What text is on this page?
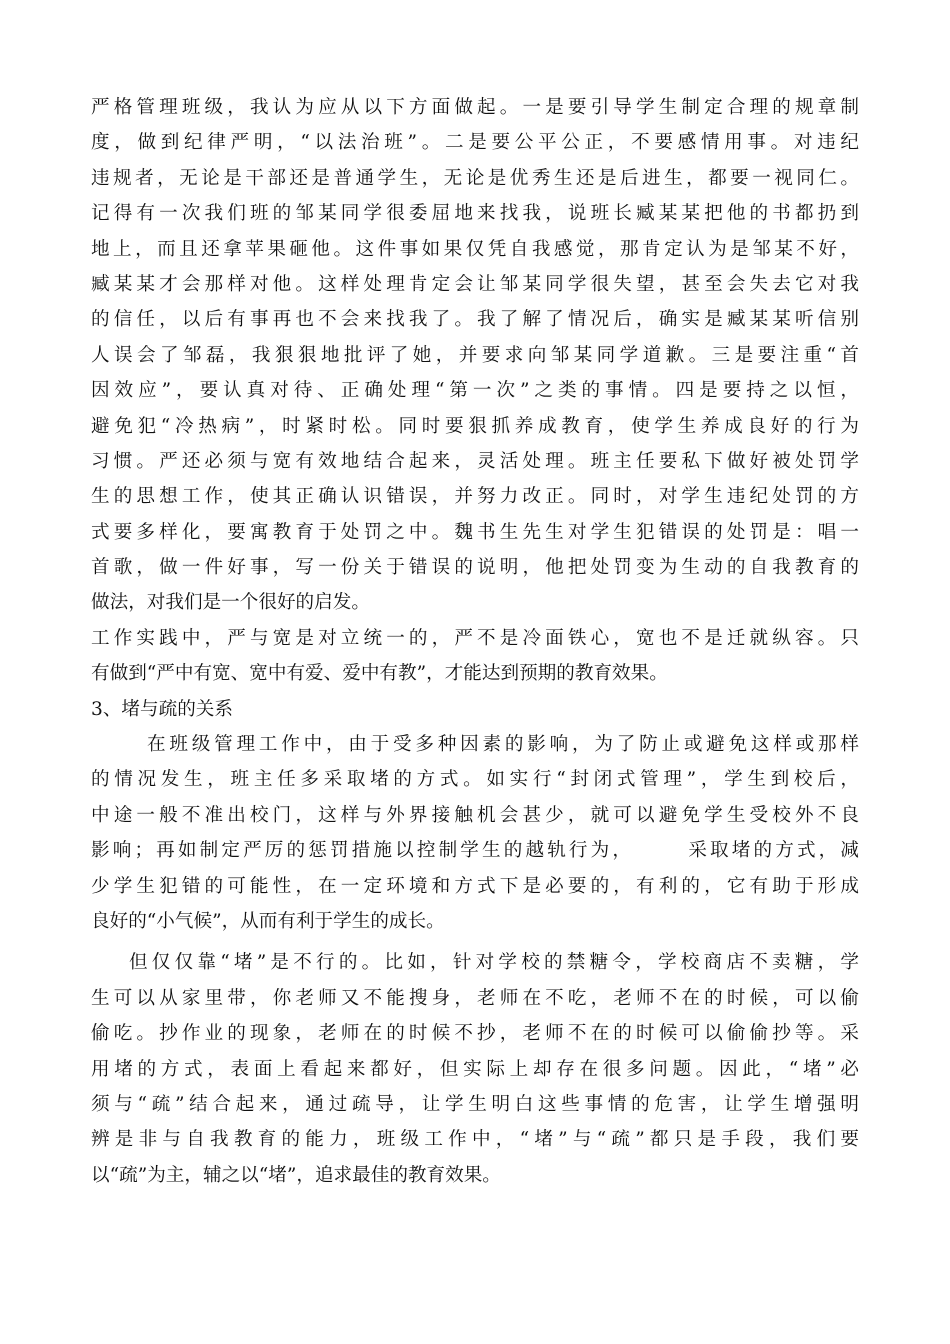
严格管理班级，我认为应从以下方面做起。一是要引导学生制定合理的规章制
度，做到纪律严明，“以法治班”。二是要公平公正，不要感情用事。对违纪
违规者，无论是干部还是普通学生，无论是优秀生还是后进生，都要一视同仁。
记得有一次我们班的邹某同学很委屈地来找我，说班长臧某某把他的书都扔到
地上，而且还拿苹果砸他。这件事如果仅凭自我感觉，那肯定认为是邹某不好，
臧某某才会那样对他。这样处理肯定会让邹某同学很失望，甚至会失去它对我
的信任，以后有事再也不会来找我了。我了解了情况后，确实是臧某某听信别
人误会了邹磊，我狠狠地批评了她，并要求向邹某同学道歉。三是要注重“首
因效应”，要认真对待、正确处理“第一次”之类的事情。四是要持之以恒，
避免犯“冷热病”，时紧时松。同时要狠抓养成教育，使学生养成良好的行为
习惯。严还必须与宽有效地结合起来，灵活处理。班主任要私下做好被处罚学
生的思想工作，使其正确认识错误，并努力改正。同时，对学生违纪处罚的方
式要多样化，要寓教育于处罚之中。魏书生先生对学生犯错误的处罚是：唱一
首歌，做一件好事，写一份关于错误的说明，他把处罚变为生动的自我教育的
做法，对我们是一个很好的启发。
工作实践中，严与宽是对立统一的，严不是冷面铁心，宽也不是迁就纵容。只
有做到“严中有宽、宽中有爱、爱中有教”，才能达到预期的教育效果。
3、堵与疏的关系
在班级管理工作中，由于受多种因素的影响，为了防止或避免这样或那样
的情况发生，班主任多采取堵的方式。如实行“封闭式管理”，学生到校后，
中途一般不准出校门，这样与外界接触机会甚少，就可以避免学生受校外不良
影响；再如制定严厉的惩罚措施以控制学生的越轨行为，      采取堵的方式，减
少学生犯错的可能性，在一定环境和方式下是必要的，有利的，它有助于形成
良好的“小气候”，从而有利于学生的成长。
但仅仅靠“堵”是不行的。比如，针对学校的禁糖令，学校商店不卖糖，学
生可以从家里带，你老师又不能搜身，老师在不吃，老师不在的时候，可以偷
偷吃。抄作业的现象，老师在的时候不抄，老师不在的时候可以偷偷抄等。采
用堵的方式，表面上看起来都好，但实际上却存在很多问题。因此，“堵”必
须与“疏”结合起来，通过疏导，让学生明白这些事情的危害，让学生增强明
辨是非与自我教育的能力，班级工作中，“堵”与“疏”都只是手段，我们要
以“疏”为主，辅之以“堵”，追求最佳的教育效果。
